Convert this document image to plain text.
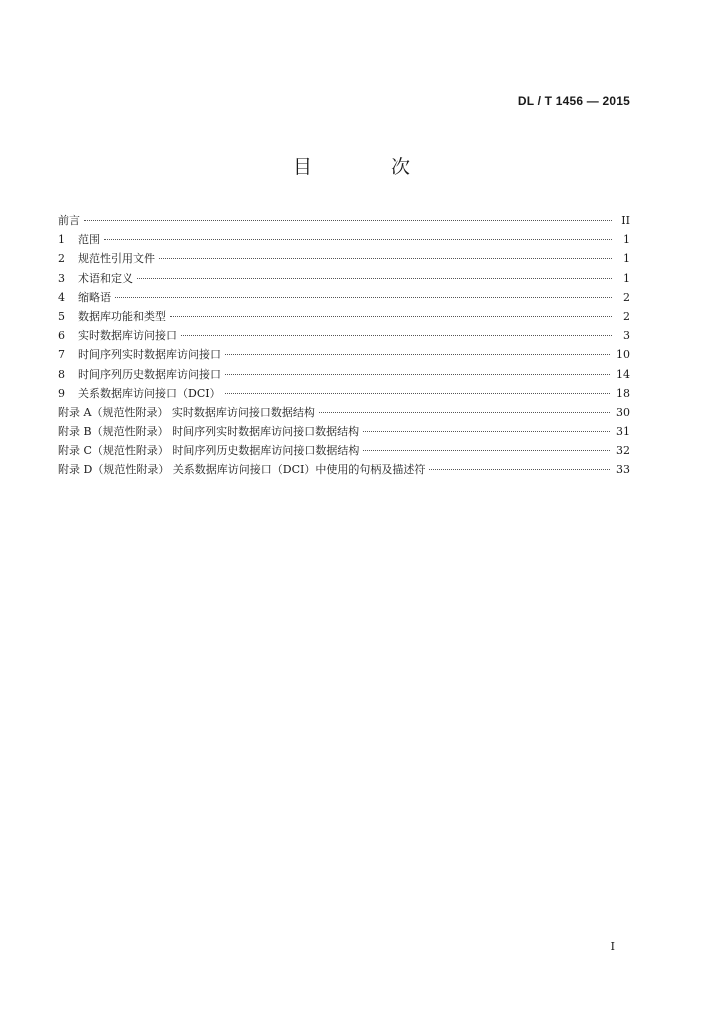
DL / T 1456 — 2015
目　次
前言	II
1	范围	1
2	规范性引用文件	1
3	术语和定义	1
4	缩略语	2
5	数据库功能和类型	2
6	实时数据库访问接口	3
7	时间序列实时数据库访问接口	10
8	时间序列历史数据库访问接口	14
9	关系数据库访问接口（DCI）	18
附录 A（规范性附录） 实时数据库访问接口数据结构	30
附录 B（规范性附录） 时间序列实时数据库访问接口数据结构	31
附录 C（规范性附录） 时间序列历史数据库访问接口数据结构	32
附录 D（规范性附录） 关系数据库访问接口（DCI）中使用的句柄及描述符	33
I
